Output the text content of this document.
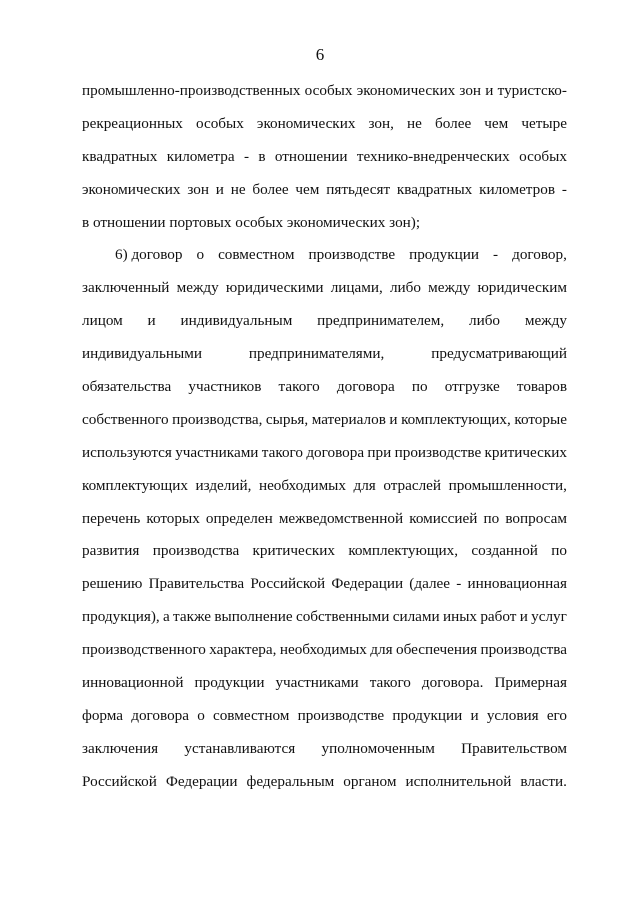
6
промышленно-производственных особых экономических зон и туристско-
рекреационных особых экономических зон, не более чем четыре
квадратных километра - в отношении технико-внедренческих особых
экономических зон и не более чем пятьдесят квадратных километров -
в отношении портовых особых экономических зон);
6) договор о совместном производстве продукции - договор,
заключенный между юридическими лицами, либо между юридическим
лицом и индивидуальным предпринимателем, либо между
индивидуальными	предпринимателями,	предусматривающий
обязательства участников такого договора по отгрузке товаров
собственного производства, сырья, материалов и комплектующих, которые
используются участниками такого договора при производстве критических
комплектующих изделий, необходимых для отраслей промышленности,
перечень которых определен межведомственной комиссией по вопросам
развития производства критических комплектующих, созданной по
решению Правительства Российской Федерации (далее - инновационная
продукция), а также выполнение собственными силами иных работ и услуг
производственного характера, необходимых для обеспечения производства
инновационной продукции участниками такого договора. Примерная
форма договора о совместном производстве продукции и условия его
заключения устанавливаются уполномоченным Правительством
Российской Федерации федеральным органом исполнительной власти.
